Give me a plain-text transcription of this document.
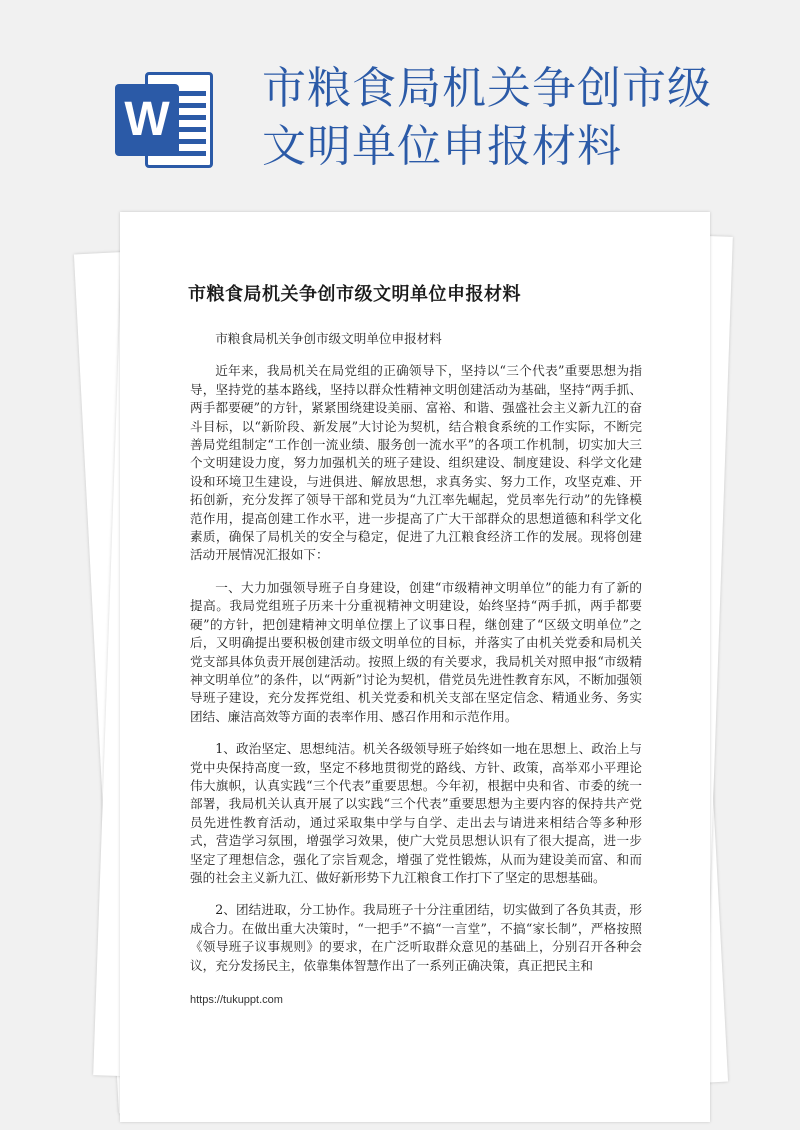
W
市粮食局机关争创市级
文明单位申报材料
市粮食局机关争创市级文明单位申报材料

市粮食局机关争创市级文明单位申报材料

近年来，我局机关在局党组的正确领导下，坚持以“三个代表”重要思想为指导，坚持党的基本路线，坚持以群众性精神文明创建活动为基础，坚持“两手抓、两手都要硬”的方针，紧紧围绕建设美丽、富裕、和谐、强盛社会主义新九江的奋斗目标，以“新阶段、新发展”大讨论为契机，结合粮食系统的工作实际，不断完善局党组制定“工作创一流业绩、服务创一流水平”的各项工作机制，切实加大三个文明建设力度，努力加强机关的班子建设、组织建设、制度建设、科学文化建设和环境卫生建设，与进俱进、解放思想，求真务实、努力工作，攻坚克难、开拓创新，充分发挥了领导干部和党员为“九江率先崛起，党员率先行动”的先锋模范作用，提高创建工作水平，进一步提高了广大干部群众的思想道德和科学文化素质，确保了局机关的安全与稳定，促进了九江粮食经济工作的发展。现将创建活动开展情况汇报如下：

一、大力加强领导班子自身建设，创建“市级精神文明单位”的能力有了新的提高。我局党组班子历来十分重视精神文明建设，始终坚持“两手抓，两手都要硬”的方针，把创建精神文明单位摆上了议事日程，继创建了“区级文明单位”之后，又明确提出要积极创建市级文明单位的目标，并落实了由机关党委和局机关党支部具体负责开展创建活动。按照上级的有关要求，我局机关对照申报“市级精神文明单位”的条件，以“两新”讨论为契机，借党员先进性教育东风，不断加强领导班子建设，充分发挥党组、机关党委和机关支部在坚定信念、精通业务、务实团结、廉洁高效等方面的表率作用、感召作用和示范作用。

1、政治坚定、思想纯洁。机关各级领导班子始终如一地在思想上、政治上与党中央保持高度一致，坚定不移地贯彻党的路线、方针、政策，高举邓小平理论伟大旗帜，认真实践“三个代表”重要思想。今年初，根据中央和省、市委的统一部署，我局机关认真开展了以实践“三个代表”重要思想为主要内容的保持共产党员先进性教育活动，通过采取集中学与自学、走出去与请进来相结合等多种形式，营造学习氛围，增强学习效果，使广大党员思想认识有了很大提高，进一步坚定了理想信念，强化了宗旨观念，增强了党性锻炼，从而为建设美而富、和而强的社会主义新九江、做好新形势下九江粮食工作打下了坚定的思想基础。

2、团结进取，分工协作。我局班子十分注重团结，切实做到了各负其责，形成合力。在做出重大决策时，“一把手”不搞“一言堂”，不搞“家长制”，严格按照《领导班子议事规则》的要求，在广泛听取群众意见的基础上，分别召开各种会议，充分发扬民主，依靠集体智慧作出了一系列正确决策，真正把民主和

https://tukuppt.com
